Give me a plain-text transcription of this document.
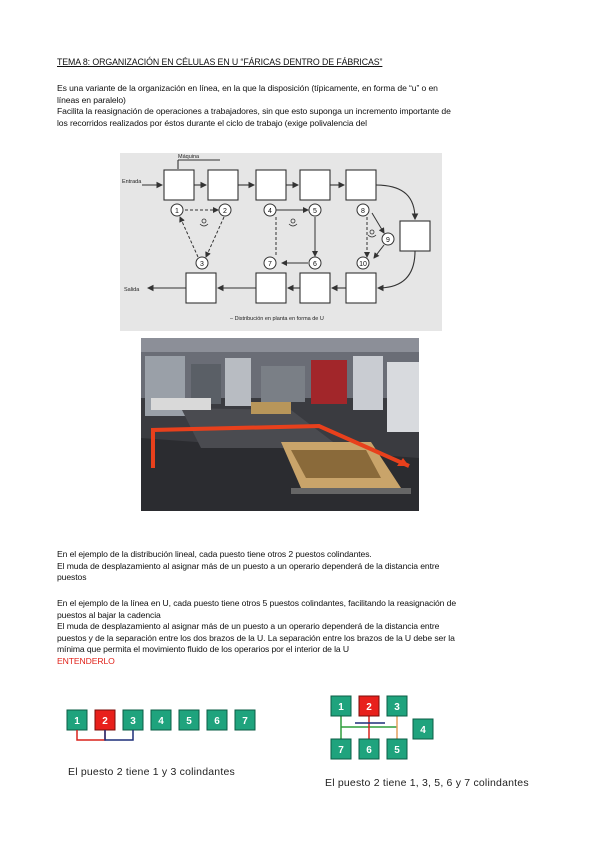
TEMA 8: ORGANIZACIÓN EN CÉLULAS EN U “FÁRICAS DENTRO DE FÁBRICAS”
Es una variante de la organización en línea, en la que la disposición (típicamente, en forma de “u” o en
líneas en paralelo)
Facilita la reasignación de operaciones a trabajadores, sin que esto suponga un incremento importante de
los recorridos realizados por éstos durante el ciclo de trabajo (exige polivalencia del
1	2
3
4	5
6
7
8
9
10
Máquina
Entrada
Salida
– Distribución en planta en forma de U
En el ejemplo de la distribución lineal, cada puesto tiene otros 2 puestos colindantes.
El muda de desplazamiento al asignar más de un puesto a un operario dependerá de la distancia entre
puestos
En el ejemplo de la línea en U, cada puesto tiene otros 5 puestos colindantes, facilitando la reasignación de
puestos al bajar la cadencia
El muda de desplazamiento al asignar más de un puesto a un operario dependerá de la distancia entre
puestos y de la separación entre los dos brazos de la U. La separación entre los brazos de la U debe ser la
mínima que permita el movimiento fluido de los operarios por el interior de la U
ENTENDERLO
1 2 3 4 5 6 7
El puesto 2 tiene 1 y 3 colindantes
1 2 3
4
7 6 5
El puesto 2 tiene 1, 3, 5, 6 y 7 colindantes
